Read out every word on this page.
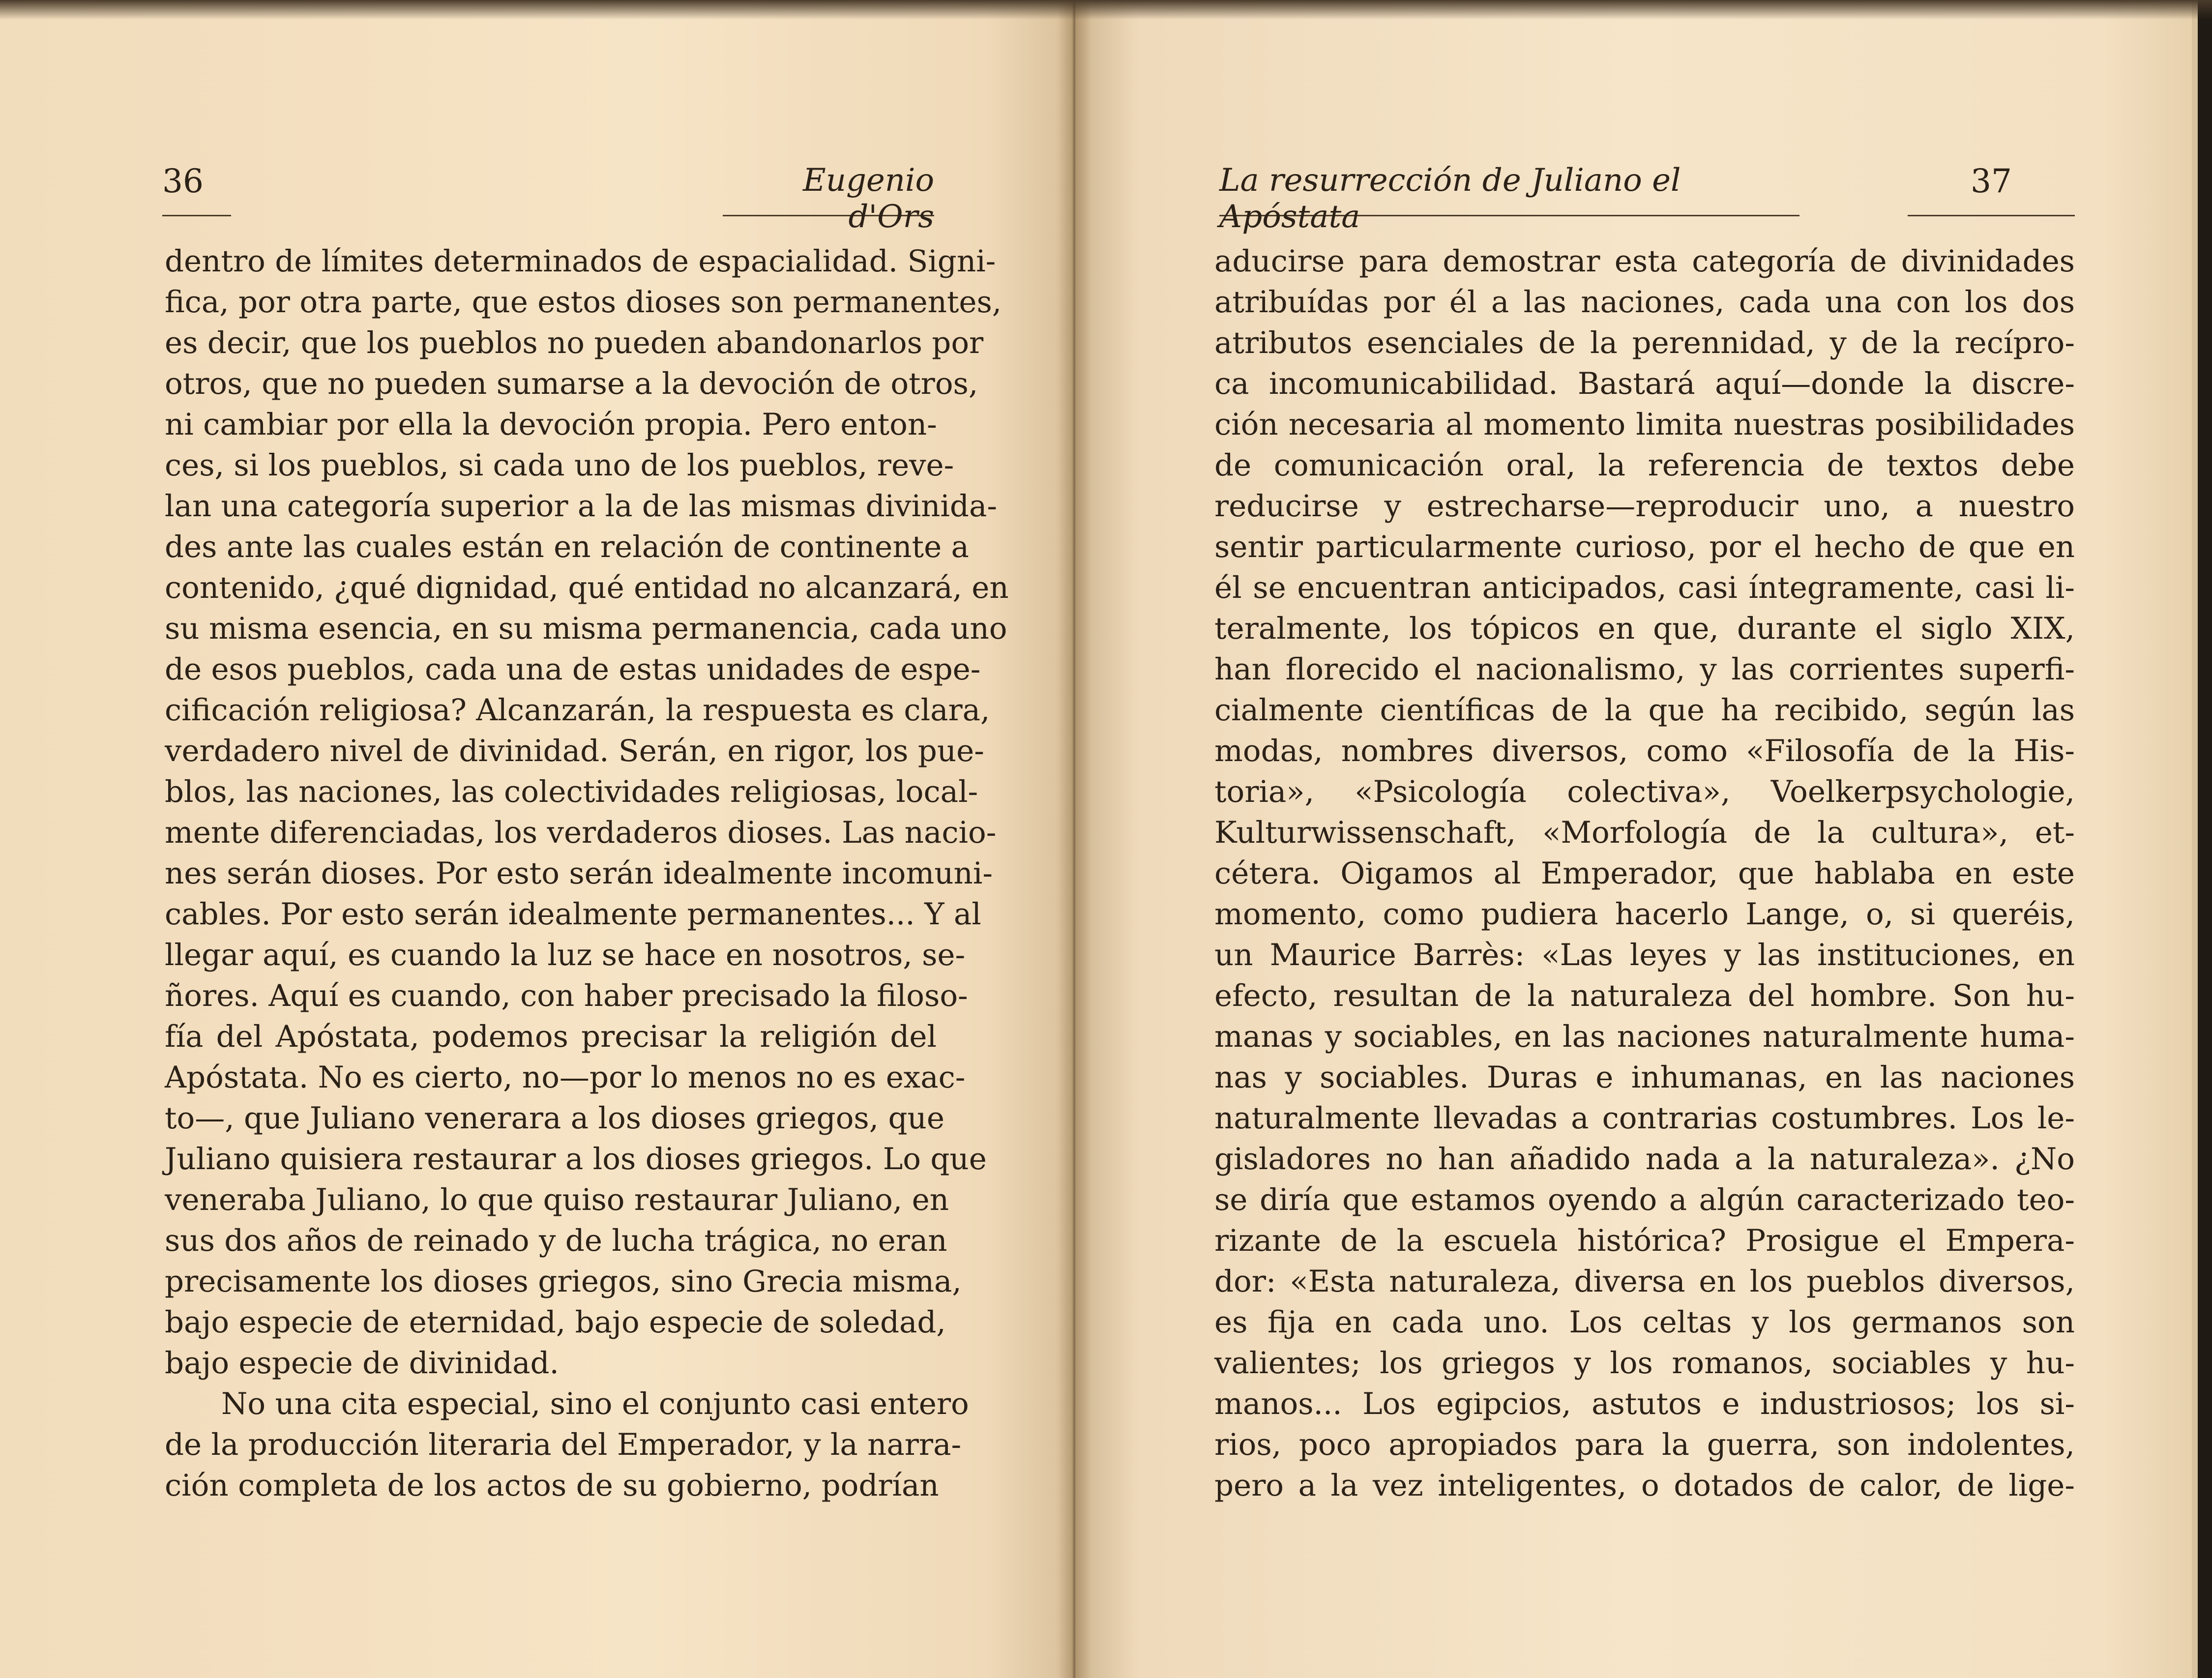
36	Eugenio d'Ors
dentro de límites determinados de espacialidad. Signi-
fica, por otra parte, que estos dioses son permanentes,
es decir, que los pueblos no pueden abandonarlos por
otros, que no pueden sumarse a la devoción de otros,
ni cambiar por ella la devoción propia. Pero enton-
ces, si los pueblos, si cada uno de los pueblos, reve-
lan una categoría superior a la de las mismas divinida-
des ante las cuales están en relación de continente a
contenido, ¿qué dignidad, qué entidad no alcanzará, en
su misma esencia, en su misma permanencia, cada uno
de esos pueblos, cada una de estas unidades de espe-
cificación religiosa? Alcanzarán, la respuesta es clara,
verdadero nivel de divinidad. Serán, en rigor, los pue-
blos, las naciones, las colectividades religiosas, local-
mente diferenciadas, los verdaderos dioses. Las nacio-
nes serán dioses. Por esto serán idealmente incomuni-
cables. Por esto serán idealmente permanentes... Y al
llegar aquí, es cuando la luz se hace en nosotros, se-
ñores. Aquí es cuando, con haber precisado la filoso-
fía del Apóstata, podemos precisar la religión del
Apóstata. No es cierto, no—por lo menos no es exac-
to—, que Juliano venerara a los dioses griegos, que
Juliano quisiera restaurar a los dioses griegos. Lo que
veneraba Juliano, lo que quiso restaurar Juliano, en
sus dos años de reinado y de lucha trágica, no eran
precisamente los dioses griegos, sino Grecia misma,
bajo especie de eternidad, bajo especie de soledad,
bajo especie de divinidad.
No una cita especial, sino el conjunto casi entero
de la producción literaria del Emperador, y la narra-
ción completa de los actos de su gobierno, podrían
La resurrección de Juliano el Apóstata
37
aducirse para demostrar esta categoría de divinidades
atribuídas por él a las naciones, cada una con los dos
atributos esenciales de la perennidad, y de la recípro-
ca incomunicabilidad. Bastará aquí—donde la discre-
ción necesaria al momento limita nuestras posibilidades
de comunicación oral, la referencia de textos debe
reducirse y estrecharse—reproducir uno, a nuestro
sentir particularmente curioso, por el hecho de que en
él se encuentran anticipados, casi íntegramente, casi li-
teralmente, los tópicos en que, durante el siglo XIX,
han florecido el nacionalismo, y las corrientes superfi-
cialmente científicas de la que ha recibido, según las
modas, nombres diversos, como «Filosofía de la His-
toria», «Psicología colectiva», Voelkerpsychologie,
Kulturwissenschaft, «Morfología de la cultura», et-
cétera. Oigamos al Emperador, que hablaba en este
momento, como pudiera hacerlo Lange, o, si queréis,
un Maurice Barrès: «Las leyes y las instituciones, en
efecto, resultan de la naturaleza del hombre. Son hu-
manas y sociables, en las naciones naturalmente huma-
nas y sociables. Duras e inhumanas, en las naciones
naturalmente llevadas a contrarias costumbres. Los le-
gisladores no han añadido nada a la naturaleza». ¿No
se diría que estamos oyendo a algún caracterizado teo-
rizante de la escuela histórica? Prosigue el Empera-
dor: «Esta naturaleza, diversa en los pueblos diversos,
es fija en cada uno. Los celtas y los germanos son
valientes; los griegos y los romanos, sociables y hu-
manos... Los egipcios, astutos e industriosos; los si-
rios, poco apropiados para la guerra, son indolentes,
pero a la vez inteligentes, o dotados de calor, de lige-
